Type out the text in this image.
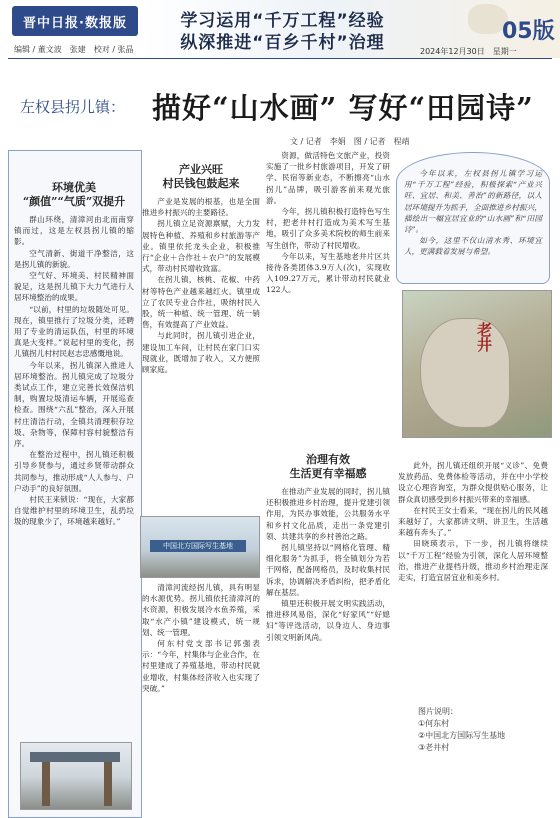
晋中日报·数报版
编辑 / 董文波　张建　校对 / 张晶
学习运用“千万工程”经验
纵深推进“百乡千村”治理	05版
2024年12月30日　星期一
左权县拐儿镇： 描好“山水画” 写好“田园诗”
文 / 记者　李娟　图 / 记者　程靖
环境优美
“颜值”“气质”双提升

群山环绕，清漳河由北而南穿镇而过，这是左权县拐儿镇的缩影。

空气清新、街道干净整洁，这是拐儿镇的新貌。

空气好、环境美、村民精神面貌足，这是拐儿镇下大力气进行人居环境整治的成果。

“以前，村里的垃圾随处可见。现在，镇里推行了垃圾分类，还聘用了专业的清运队伍，村里的环境真是大变样。”说起村里的变化，拐儿镇拐儿村村民赵志忠感慨地说。

今年以来，拐儿镇深入推进人居环境整治。拐儿镇完成了垃圾分类试点工作，建立完善长效保洁机制，购置垃圾清运车辆，开展巡查检查。围绕“六乱”整治，深入开展村庄清洁行动，全镇共清理积存垃圾、杂物等，保障村容村貌整洁有序。

在整治过程中，拐儿镇还积极引导乡贤参与，通过乡贤带动群众共同参与，推动形成“人人参与、户户动手”的良好氛围。

村民王来锁说：“现在，大家都自觉维护村里的环境卫生，乱扔垃圾的现象少了，环境越来越好。”

产业兴旺
村民钱包鼓起来

产业是发展的根基，也是全面推进乡村振兴的主要路径。

拐儿镇立足资源禀赋，大力发展特色种植、养殖和乡村旅游等产业。镇里依托龙头企业，积极推行“企业＋合作社＋农户”的发展模式，带动村民增收致富。

在拐儿镇，核桃、花椒、中药材等特色产业越来越红火。镇里成立了农民专业合作社，吸纳村民入股，统一种植、统一管理、统一销售，有效提高了产业效益。

与此同时，拐儿镇引进企业，建设加工车间，让村民在家门口实现就业，既增加了收入，又方便照顾家庭。

中国北方国际写生基地

清漳河流经拐儿镇，具有明显的水源优势。拐儿镇依托清漳河的水资源，积极发展冷水鱼养殖，采取“水产小镇”建设模式，统一规划、统一管理。

何东村党支部书记郭强表示：“今年，村集体与企业合作，在村里建成了养殖基地，带动村民就业增收，村集体经济收入也实现了突破。”

资源，做活特色文旅产业，投资实施了一批乡村旅游项目，开发了研学、民宿等新业态，不断擦亮“山水拐儿”品牌，吸引游客前来观光旅游。

今年，拐儿镇积极打造特色写生村，把老井村打造成为美术写生基地，吸引了众多美术院校的师生前来写生创作，带动了村民增收。

今年以来，写生基地老井片区共接待各类团体3.9万人(次)，实现收入109.27万元，累计带动村民就业122人。

治理有效
生活更有幸福感

在推动产业发展的同时，拐儿镇还积极推进乡村治理，提升党建引领作用，为民办事效能，公共服务水平和乡村文化品质，走出一条党建引领、共建共享的乡村善治之路。

拐儿镇坚持以“网格化管理、精细化服务”为抓手，将全镇划分为若干网格，配备网格员，及时收集村民诉求，协调解决矛盾纠纷，把矛盾化解在基层。

镇里还积极开展文明实践活动，推进移风易俗，深化“好家风”“好媳妇”等评选活动，以身边人、身边事引领文明新风尚。

今年以来，左权县拐儿镇学习运用“千万工程”经验，积极探索“产业兴旺、宜居、和美、善治”的新路径，以人居环境提升为抓手，全面推进乡村振兴，描绘出一幅宜居宜业的“山水画”和“田园诗”。
如今，这里不仅山清水秀、环境宜人，更满载着发展与希望。
老井

此外，拐儿镇还组织开展“义诊”、免费发放药品、免费体检等活动，并在中小学校设立心理咨询室，为群众提供贴心服务，让群众真切感受到乡村振兴带来的幸福感。

在村民王女士看来，“现在拐儿的民风越来越好了，大家都讲文明、讲卫生，生活越来越有奔头了。”

田晓瑛表示，下一步，拐儿镇将继续以“千万工程”经验为引领，深化人居环境整治，推进产业提档升级，推动乡村治理走深走实，打造宜居宜业和美乡村。

图片说明：
①何东村
②中国北方国际写生基地
③老井村
